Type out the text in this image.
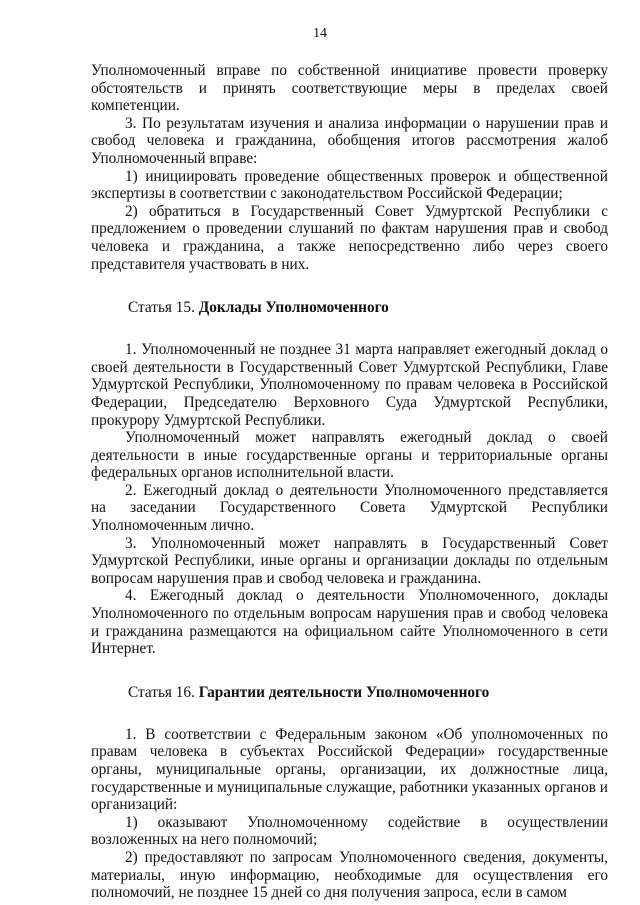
14

Уполномоченный вправе по собственной инициативе провести проверку обстоятельств и принять соответствующие меры в пределах своей компетенции.

3. По результатам изучения и анализа информации о нарушении прав и свобод человека и гражданина, обобщения итогов рассмотрения жалоб Уполномоченный вправе:

1) инициировать проведение общественных проверок и общественной экспертизы в соответствии с законодательством Российской Федерации;

2) обратиться в Государственный Совет Удмуртской Республики с предложением о проведении слушаний по фактам нарушения прав и свобод человека и гражданина, а также непосредственно либо через своего представителя участвовать в них.

Статья 15. Доклады Уполномоченного

1. Уполномоченный не позднее 31 марта направляет ежегодный доклад о своей деятельности в Государственный Совет Удмуртской Республики, Главе Удмуртской Республики, Уполномоченному по правам человека в Российской Федерации, Председателю Верховного Суда Удмуртской Республики, прокурору Удмуртской Республики.

Уполномоченный может направлять ежегодный доклад о своей деятельности в иные государственные органы и территориальные органы федеральных органов исполнительной власти.

2. Ежегодный доклад о деятельности Уполномоченного представляется на заседании Государственного Совета Удмуртской Республики Уполномоченным лично.

3. Уполномоченный может направлять в Государственный Совет Удмуртской Республики, иные органы и организации доклады по отдельным вопросам нарушения прав и свобод человека и гражданина.

4. Ежегодный доклад о деятельности Уполномоченного, доклады Уполномоченного по отдельным вопросам нарушения прав и свобод человека и гражданина размещаются на официальном сайте Уполномоченного в сети Интернет.

Статья 16. Гарантии деятельности Уполномоченного

1. В соответствии с Федеральным законом «Об уполномоченных по правам человека в субъектах Российской Федерации» государственные органы, муниципальные органы, организации, их должностные лица, государственные и муниципальные служащие, работники указанных органов и организаций:

1) оказывают Уполномоченному содействие в осуществлении возложенных на него полномочий;

2) предоставляют по запросам Уполномоченного сведения, документы, материалы, иную информацию, необходимые для осуществления его полномочий, не позднее 15 дней со дня получения запроса, если в самом
